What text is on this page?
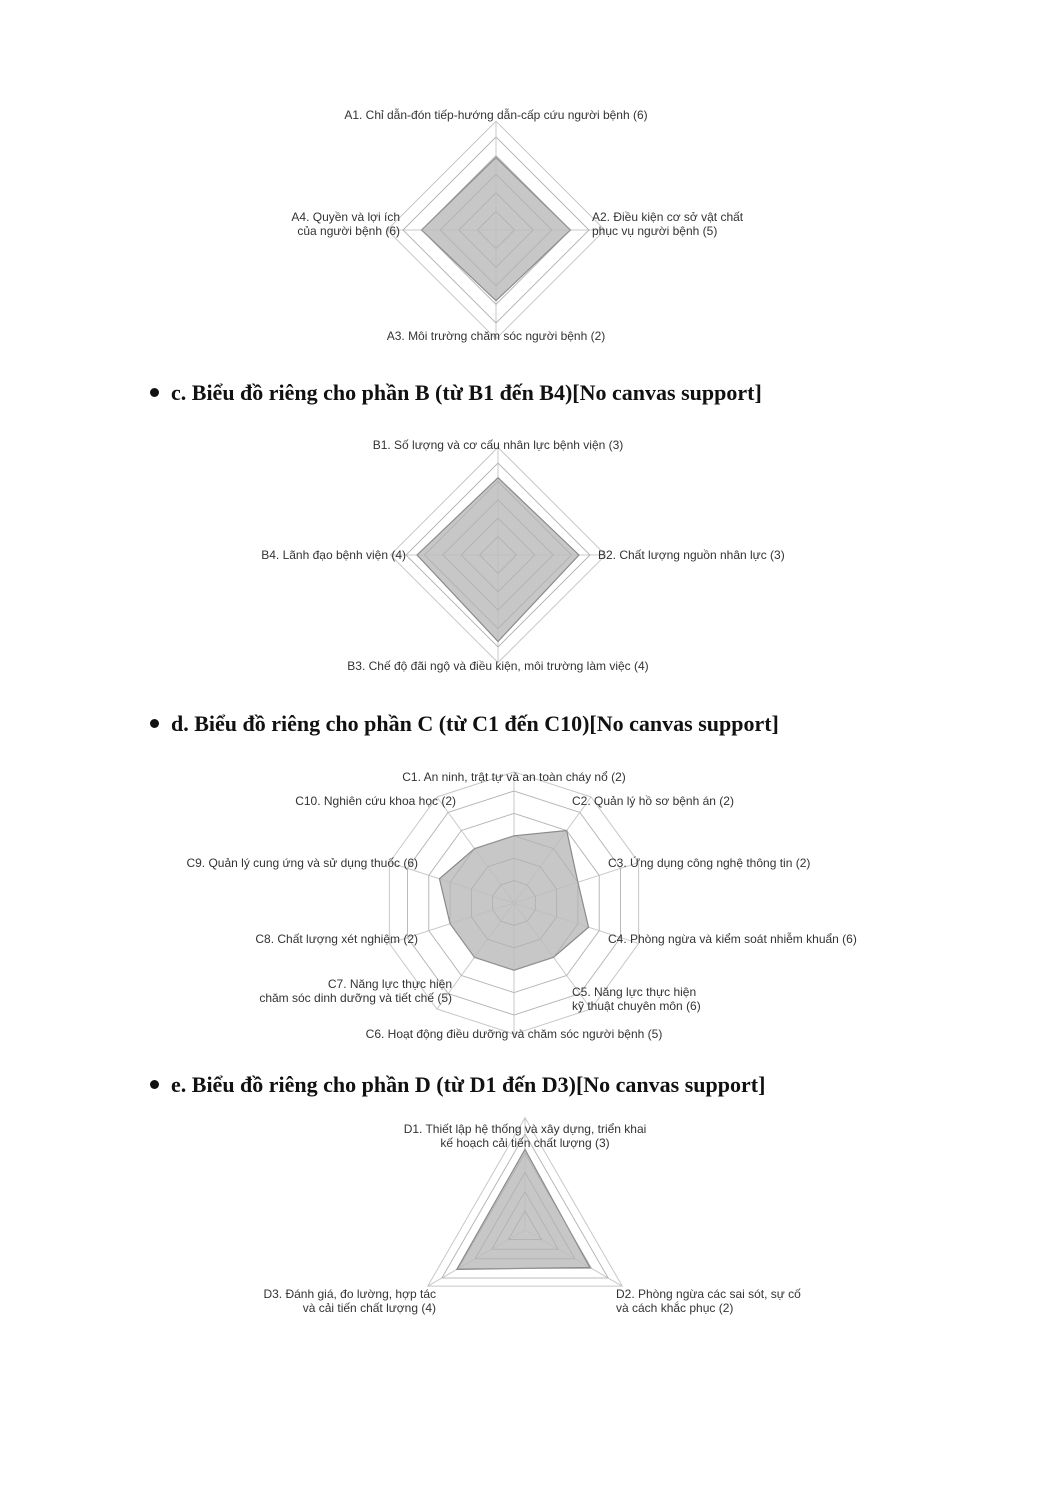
A1. Chỉ dẫn-đón tiếp-hướng dẫn-cấp cứu người bệnh (6)
A2. Điều kiện cơ sở vật chất phục vụ người bệnh (5)
A3. Môi trường chăm sóc người bệnh (2)
A4. Quyền và lợi ích của người bệnh (6)
c. Biểu đồ riêng cho phần B (từ B1 đến B4)[No canvas support]
B1. Số lượng và cơ cấu nhân lực bệnh viện (3)
B2. Chất lượng nguồn nhân lực (3)
B3. Chế độ đãi ngộ và điều kiện, môi trường làm việc (4)
B4. Lãnh đạo bệnh viện (4)
d. Biểu đồ riêng cho phần C (từ C1 đến C10)[No canvas support]
C1. An ninh, trật tự và an toàn cháy nổ (2)
C2. Quản lý hồ sơ bệnh án (2)
C3. Ứng dụng công nghệ thông tin (2)
C4. Phòng ngừa và kiểm soát nhiễm khuẩn (6)
C5. Năng lực thực hiện kỹ thuật chuyên môn (6)
C6. Hoạt động điều dưỡng và chăm sóc người bệnh (5)
C7. Năng lực thực hiện chăm sóc dinh dưỡng và tiết chế (5)
C8. Chất lượng xét nghiệm (2)
C9. Quản lý cung ứng và sử dụng thuốc (6)
C10. Nghiên cứu khoa học (2)
e. Biểu đồ riêng cho phần D (từ D1 đến D3)[No canvas support]
D1. Thiết lập hệ thống và xây dựng, triển khai kế hoạch cải tiến chất lượng (3)
D2. Phòng ngừa các sai sót, sự cố và cách khắc phục (2)
D3. Đánh giá, đo lường, hợp tác và cải tiến chất lượng (4)
